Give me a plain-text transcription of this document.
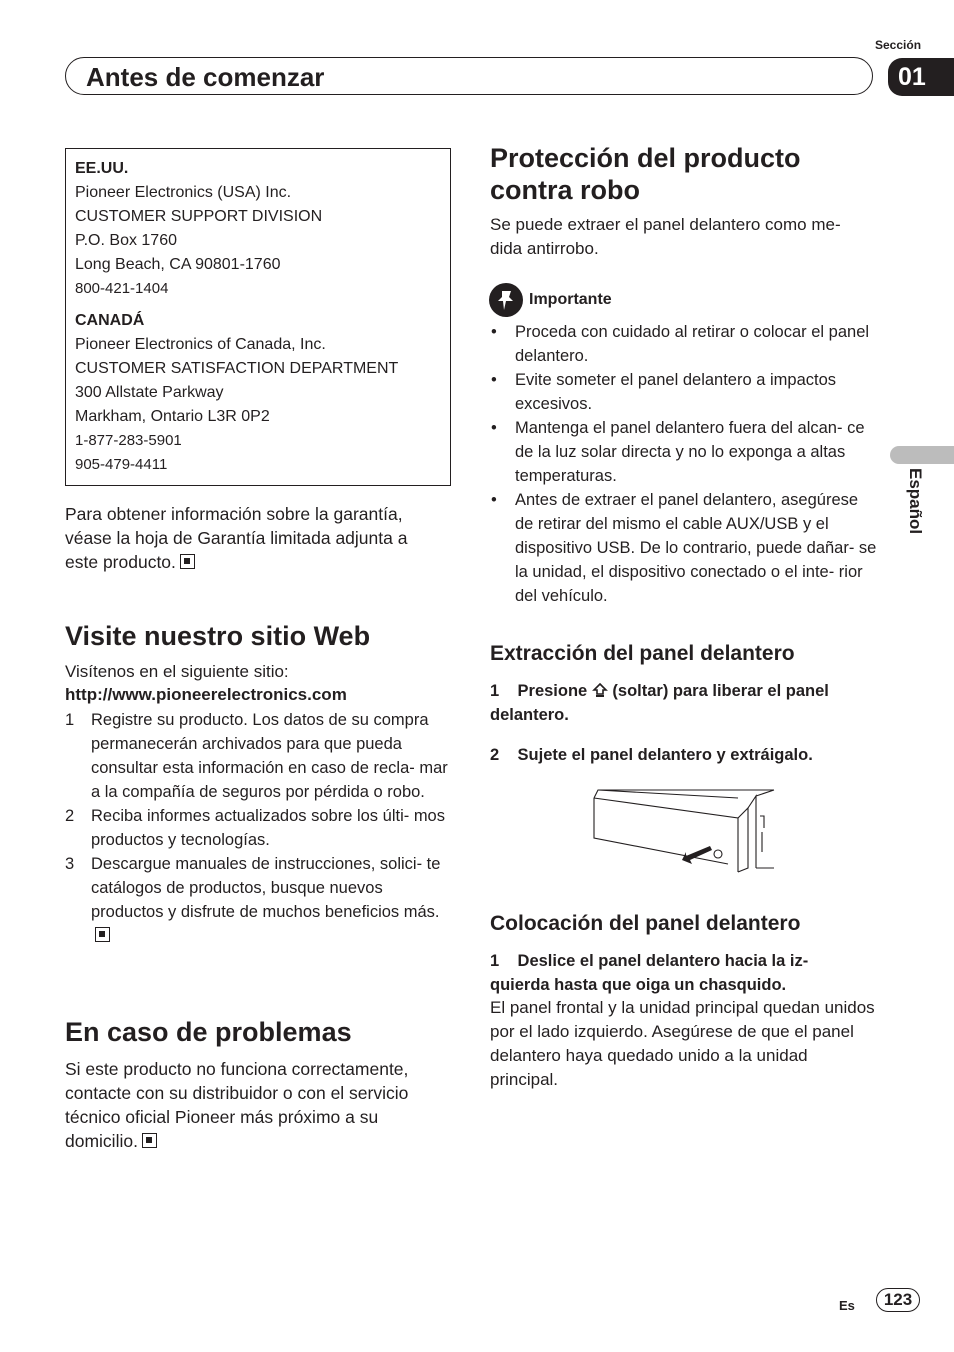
Sección
Antes de comenzar	01
Español
EE.UU.
Pioneer Electronics (USA) Inc.
CUSTOMER SUPPORT DIVISION
P.O. Box 1760
Long Beach, CA 90801-1760
800-421-1404
CANADÁ
Pioneer Electronics of Canada, Inc.
CUSTOMER SATISFACTION DEPARTMENT
300 Allstate Parkway
Markham, Ontario L3R 0P2
1-877-283-5901
905-479-4411
Para obtener información sobre la garantía, véase la hoja de Garantía limitada adjunta a este producto.
Visite nuestro sitio Web
Visítenos en el siguiente sitio:
http://www.pioneerelectronics.com
1 Registre su producto. Los datos de su compra permanecerán archivados para que pueda consultar esta información en caso de recla- mar a la compañía de seguros por pérdida o robo.
2 Reciba informes actualizados sobre los últi- mos productos y tecnologías.
3 Descargue manuales de instrucciones, solici- te catálogos de productos, busque nuevos productos y disfrute de muchos beneficios más.
En caso de problemas
Si este producto no funciona correctamente, contacte con su distribuidor o con el servicio técnico oficial Pioneer más próximo a su domicilio.
Protección del producto
contra robo
Se puede extraer el panel delantero como me- dida antirrobo.
Importante
• Proceda con cuidado al retirar o colocar el panel delantero.
• Evite someter el panel delantero a impactos excesivos.
• Mantenga el panel delantero fuera del alcan- ce de la luz solar directa y no lo exponga a altas temperaturas.
• Antes de extraer el panel delantero, asegúrese de retirar del mismo el cable AUX/USB y el dispositivo USB. De lo contrario, puede dañar- se la unidad, el dispositivo conectado o el inte- rior del vehículo.
Extracción del panel delantero
1 Presione (soltar) para liberar el panel delantero.
2 Sujete el panel delantero y extráigalo.
Colocación del panel delantero
1 Deslice el panel delantero hacia la iz- quierda hasta que oiga un chasquido.
El panel frontal y la unidad principal quedan unidos por el lado izquierdo. Asegúrese de que el panel delantero haya quedado unido a la unidad principal.
Es	123
